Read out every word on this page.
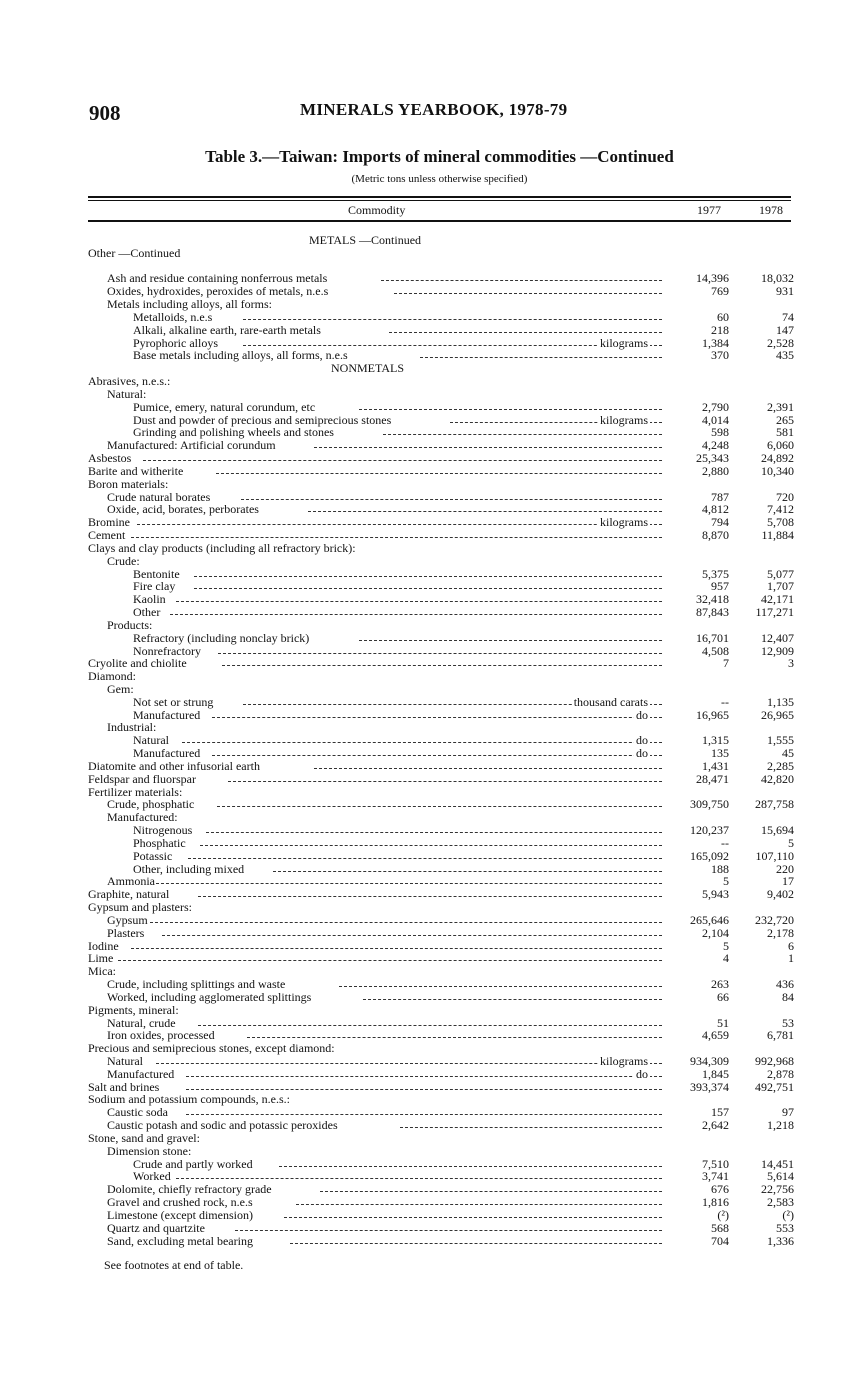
908	MINERALS YEARBOOK, 1978-79
Table 3.—Taiwan: Imports of mineral commodities —Continued
(Metric tons unless otherwise specified)
Commodity	1977	1978
METALS —Continued
Other —Continued
Ash and residue containing nonferrous metals	14,396	18,032
Oxides, hydroxides, peroxides of metals, n.e.s	769	931
Metals including alloys, all forms:
Metalloids, n.e.s	60	74
Alkali, alkaline earth, rare-earth metals	218	147
Pyrophoric alloys	kilograms	1,384	2,528
Base metals including alloys, all forms, n.e.s	370	435
NONMETALS
Abrasives, n.e.s.:
Natural:
Pumice, emery, natural corundum, etc	2,790	2,391
Dust and powder of precious and semiprecious stones	kilograms	4,014	265
Grinding and polishing wheels and stones	598	581
Manufactured: Artificial corundum	4,248	6,060
Asbestos	25,343	24,892
Barite and witherite	2,880	10,340
Boron materials:
Crude natural borates	787	720
Oxide, acid, borates, perborates	4,812	7,412
Bromine	kilograms	794	5,708
Cement	8,870	11,884
Clays and clay products (including all refractory brick):
Crude:
Bentonite	5,375	5,077
Fire clay	957	1,707
Kaolin	32,418	42,171
Other	87,843 117,271
Products:
Refractory (including nonclay brick)	16,701	12,407
Nonrefractory	4,508	12,909
Cryolite and chiolite	7	3
Diamond:
Gem:
Not set or strung	thousand carats	--	1,135
Manufactured	do	16,965	26,965
Industrial:
Natural	do	1,315	1,555
Manufactured	do	135	45
Diatomite and other infusorial earth	1,431	2,285
Feldspar and fluorspar	28,471	42,820
Fertilizer materials:
Crude, phosphatic	309,750 287,758
Manufactured:
Nitrogenous	120,237	15,694
Phosphatic	--	5
Potassic	165,092 107,110
Other, including mixed	188	220
Ammonia	5	17
Graphite, natural	5,943	9,402
Gypsum and plasters:
Gypsum	265,646 232,720
Plasters	2,104	2,178
Iodine	5	6
Lime	4	1
Mica:
Crude, including splittings and waste	263	436
Worked, including agglomerated splittings	66	84
Pigments, mineral:
Natural, crude	51	53
Iron oxides, processed	4,659	6,781
Precious and semiprecious stones, except diamond:
Natural	kilograms	934,309 992,968
Manufactured	do	1,845	2,878
Salt and brines	393,374 492,751
Sodium and potassium compounds, n.e.s.:
Caustic soda	157	97
Caustic potash and sodic and potassic peroxides	2,642	1,218
Stone, sand and gravel:
Dimension stone:
Crude and partly worked	7,510	14,451
Worked	3,741	5,614
Dolomite, chiefly refractory grade	676	22,756
Gravel and crushed rock, n.e.s	1,816	2,583
Limestone (except dimension)	(²)	(²)
Quartz and quartzite	568	553
Sand, excluding metal bearing	704	1,336
See footnotes at end of table.
